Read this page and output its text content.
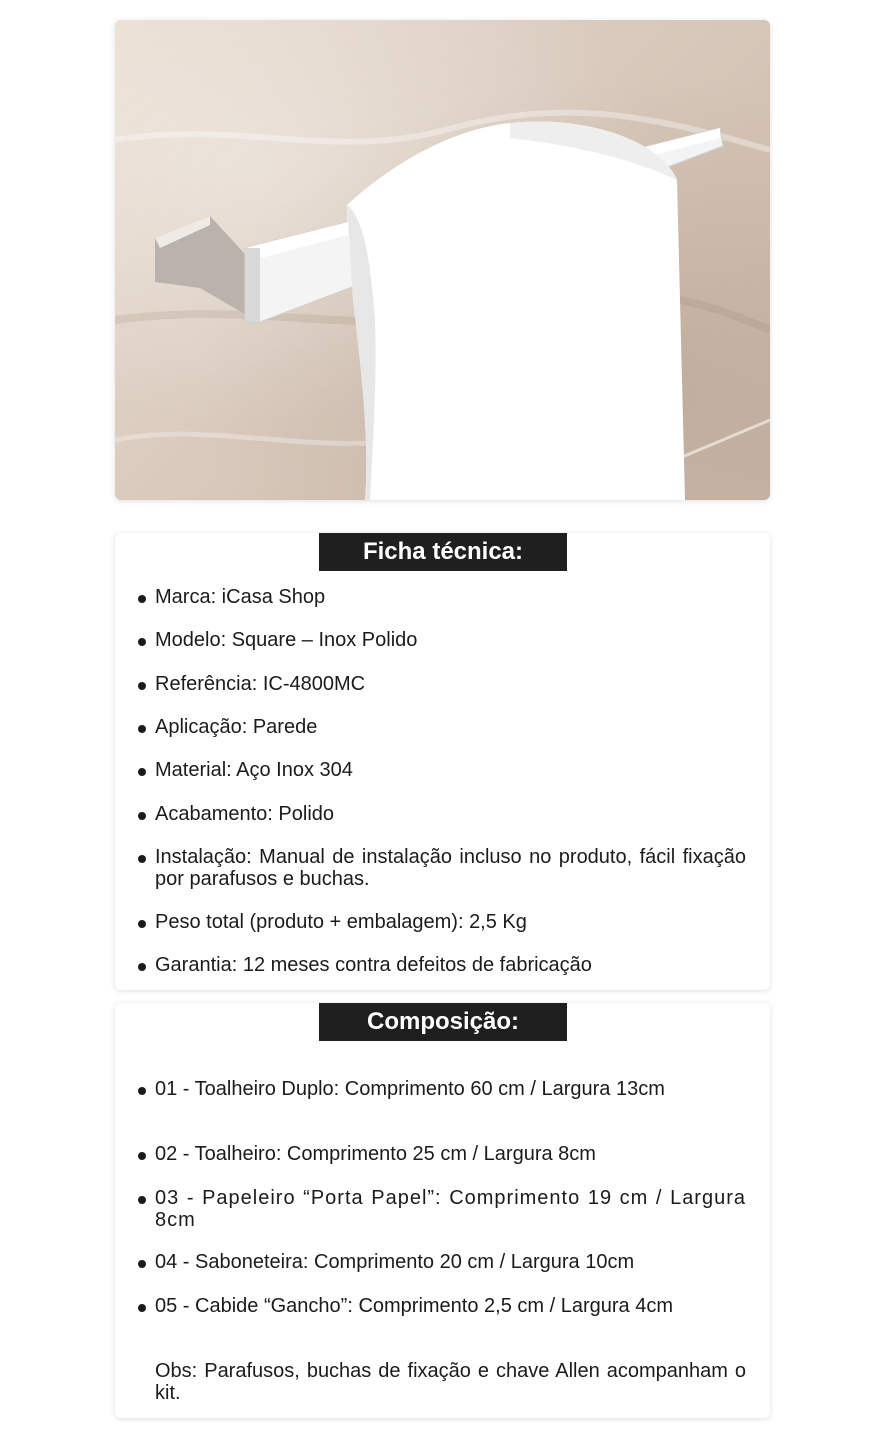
Ficha técnica:
Marca: iCasa Shop
Modelo: Square – Inox Polido
Referência: IC-4800MC
Aplicação: Parede
Material: Aço Inox 304
Acabamento: Polido
Instalação: Manual de instalação incluso no produto, fácil fixação por parafusos e buchas.
Peso total (produto + embalagem): 2,5 Kg
Garantia: 12 meses contra defeitos de fabricação
Composição:
01 - Toalheiro Duplo: Comprimento 60 cm / Largura 13cm
02 - Toalheiro: Comprimento 25 cm / Largura 8cm
03 - Papeleiro “Porta Papel”: Comprimento 19 cm / Largura 8cm
04 - Saboneteira: Comprimento 20 cm / Largura 10cm
05 - Cabide “Gancho”: Comprimento 2,5 cm / Largura 4cm
Obs: Parafusos, buchas de fixação e chave Allen acompanham o kit.
